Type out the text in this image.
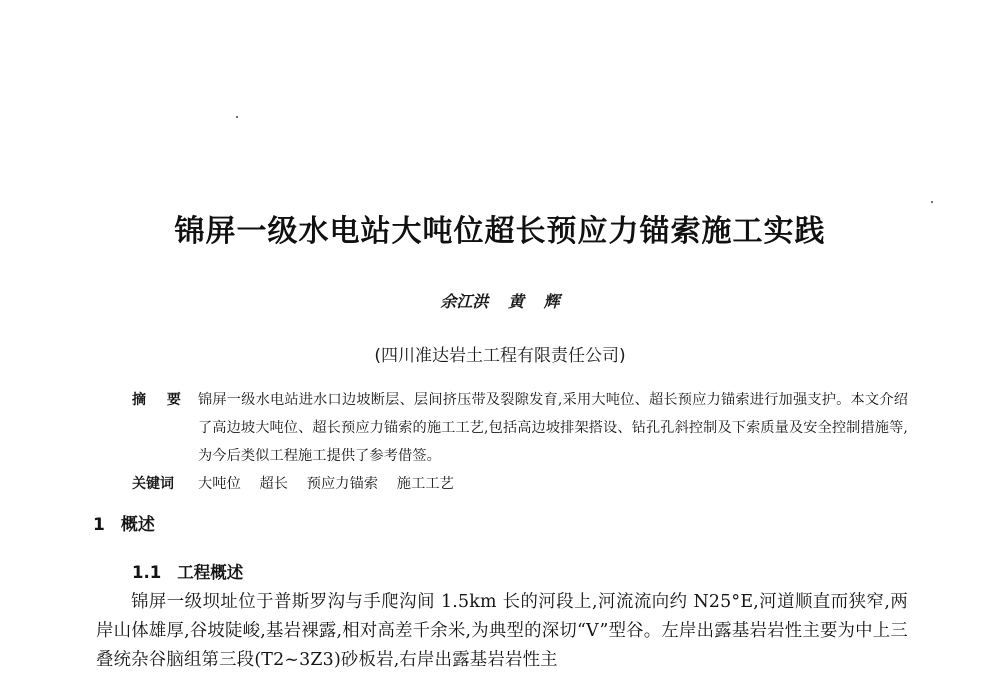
锦屏一级水电站大吨位超长预应力锚索施工实践
余江洪 黄 辉
(四川准达岩土工程有限责任公司)
摘 要 锦屏一级水电站进水口边坡断层、层间挤压带及裂隙发育,采用大吨位、超长预应力锚索进行加强支护。本文介绍了高边坡大吨位、超长预应力锚索的施工工艺,包括高边坡排架搭设、钻孔孔斜控制及下索质量及安全控制措施等,为今后类似工程施工提供了参考借签。
关键词	大吨位 超长 预应力锚索 施工工艺
1 概述
1.1 工程概述
锦屏一级坝址位于普斯罗沟与手爬沟间 1.5km 长的河段上,河流流向约 N25°E,河道顺直而狭窄,两岸山体雄厚,谷坡陡峻,基岩裸露,相对高差千余米,为典型的深切“V”型谷。左岸出露基岩岩性主要为中上三叠统杂谷脑组第三段(T2~3Z3)砂板岩,右岸出露基岩岩性主
